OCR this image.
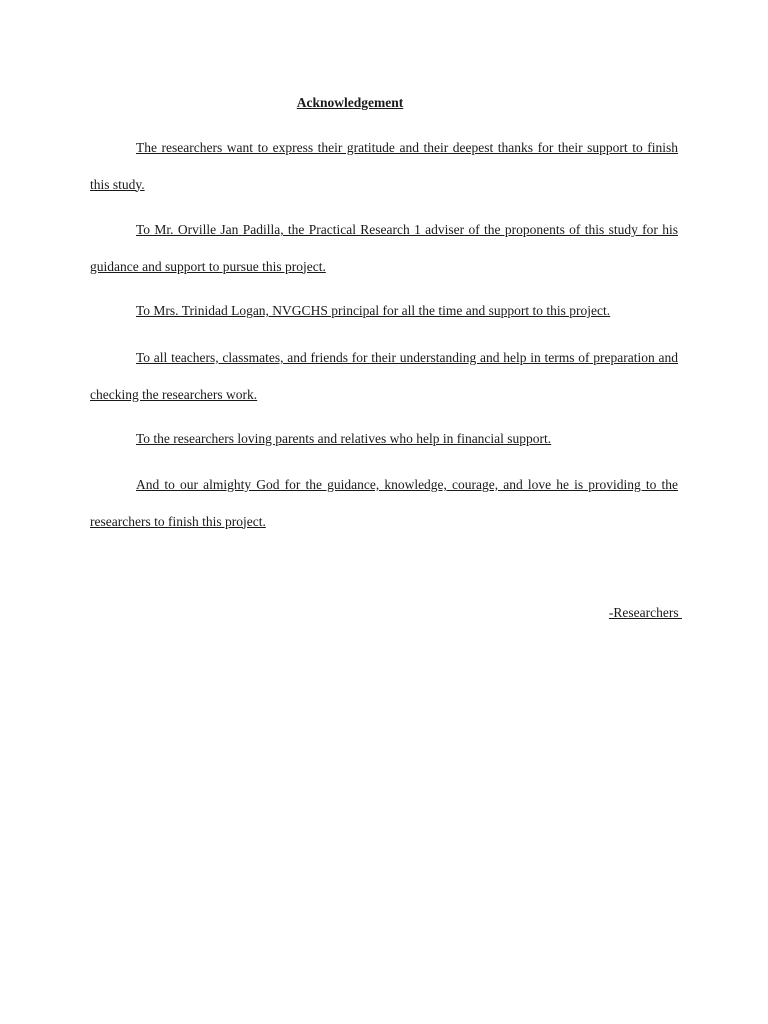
Acknowledgement

The researchers want to express their gratitude and their deepest thanks for their support to finish this study.

To Mr. Orville Jan Padilla, the Practical Research 1 adviser of the proponents of this study for his guidance and support to pursue this project.

To Mrs. Trinidad Logan, NVGCHS principal for all the time and support to this project.

To all teachers, classmates, and friends for their understanding and help in terms of preparation and checking the researchers work.

To the researchers loving parents and relatives who help in financial support.

And to our almighty God for the guidance, knowledge, courage, and love he is providing to the researchers to finish this project.

-Researchers
